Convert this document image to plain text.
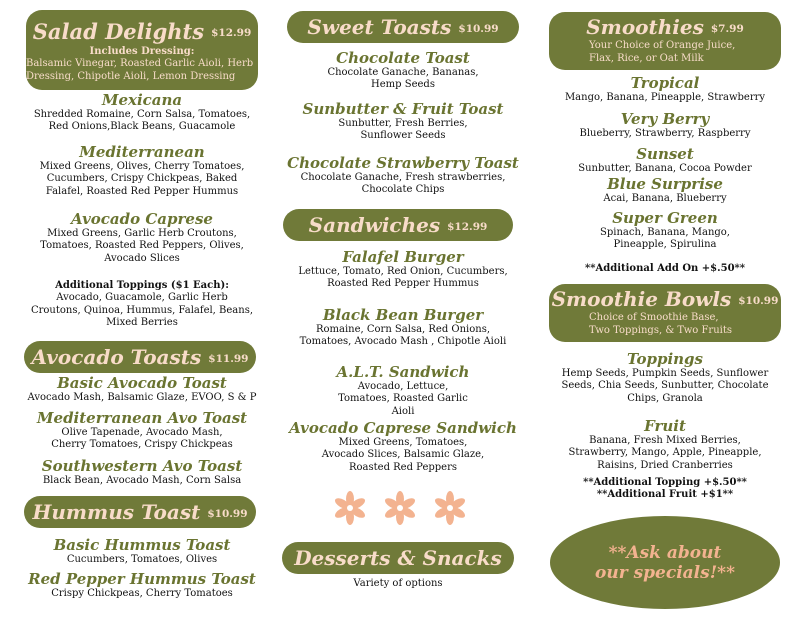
Salad Delights $12.99
Includes Dressing:
Balsamic Vinegar, Roasted Garlic Aioli, Herb Dressing, Chipotle Aioli, Lemon Dressing
Mexicana
Shredded Romaine, Corn Salsa, Tomatoes, Red Onions,Black Beans, Guacamole
Mediterranean
Mixed Greens, Olives, Cherry Tomatoes, Cucumbers, Crispy Chickpeas, Baked Falafel, Roasted Red Pepper Hummus
Avocado Caprese
Mixed Greens, Garlic Herb Croutons, Tomatoes, Roasted Red Peppers, Olives, Avocado Slices
Additional Toppings ($1 Each):
Avocado, Guacamole, Garlic Herb Croutons, Quinoa, Hummus, Falafel, Beans, Mixed Berries
Avocado Toasts $11.99
Basic Avocado Toast
Avocado Mash, Balsamic Glaze, EVOO, S & P
Mediterranean Avo Toast
Olive Tapenade, Avocado Mash, Cherry Tomatoes, Crispy Chickpeas
Southwestern Avo Toast
Black Bean, Avocado Mash, Corn Salsa
Hummus Toast $10.99
Basic Hummus Toast
Cucumbers, Tomatoes, Olives
Red Pepper Hummus Toast
Crispy Chickpeas, Cherry Tomatoes
Sweet Toasts $10.99
Chocolate Toast
Chocolate Ganache, Bananas, Hemp Seeds
Sunbutter & Fruit Toast
Sunbutter, Fresh Berries, Sunflower Seeds
Chocolate Strawberry Toast
Chocolate Ganache, Fresh strawberries, Chocolate Chips
Sandwiches $12.99
Falafel Burger
Lettuce, Tomato, Red Onion, Cucumbers, Roasted Red Pepper Hummus
Black Bean Burger
Romaine, Corn Salsa, Red Onions, Tomatoes, Avocado Mash , Chipotle Aioli
A.L.T. Sandwich
Avocado, Lettuce, Tomatoes, Roasted Garlic Aioli
Avocado Caprese Sandwich
Mixed Greens, Tomatoes, Avocado Slices, Balsamic Glaze, Roasted Red Peppers
Desserts & Snacks
Variety of options
Smoothies $7.99
Your Choice of Orange Juice, Flax, Rice, or Oat Milk
Tropical
Mango, Banana, Pineapple, Strawberry
Very Berry
Blueberry, Strawberry, Raspberry
Sunset
Sunbutter, Banana, Cocoa Powder
Blue Surprise
Acai, Banana, Blueberry
Super Green
Spinach, Banana, Mango, Pineapple, Spirulina
**Additional Add On +$.50**
Smoothie Bowls $10.99
Choice of Smoothie Base, Two Toppings, & Two Fruits
Toppings
Hemp Seeds, Pumpkin Seeds, Sunflower Seeds, Chia Seeds, Sunbutter, Chocolate Chips, Granola
Fruit
Banana, Fresh Mixed Berries, Strawberry, Mango, Apple, Pineapple, Raisins, Dried Cranberries
**Additional Topping +$.50**
**Additional Fruit +$1**
**Ask about our specials!**
